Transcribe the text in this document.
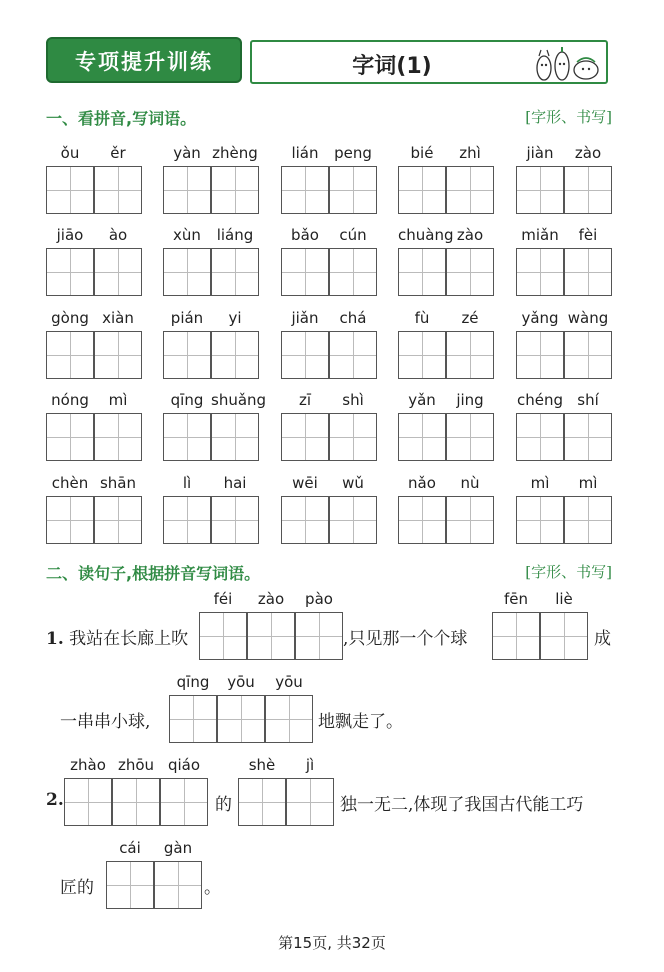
专项提升训练	字词(1)
一、看拼音,写词语。	[字形、书写]
ǒu	ěr	yàn zhèng	lián	peng	bié	zhì	jiàn	zào
jiāo	ào	xùn	liáng	bǎo	cún	chuàng zào	miǎn	fèi
gòng xiàn	pián	yi	jiǎn	chá	fù	zé	yǎng wàng
nóng	mì	qīng shuǎng	zī	shì	yǎn	jing	chéng shí
chèn shān	lì	hai	wēi	wǔ	nǎo	nù	mì	mì
二、读句子,根据拼音写词语。	[字形、书写]
1. 我站在长廊上吹
féi	zào	pào
,只见那一个个球
fēn	liè
成
一串串小球,
qīng	yōu	yōu
地飘走了。
2.
zhào zhōu qiáo
的
shè	jì
独一无二,体现了我国古代能工巧
匠的
cái	gàn
。
第15页, 共32页
